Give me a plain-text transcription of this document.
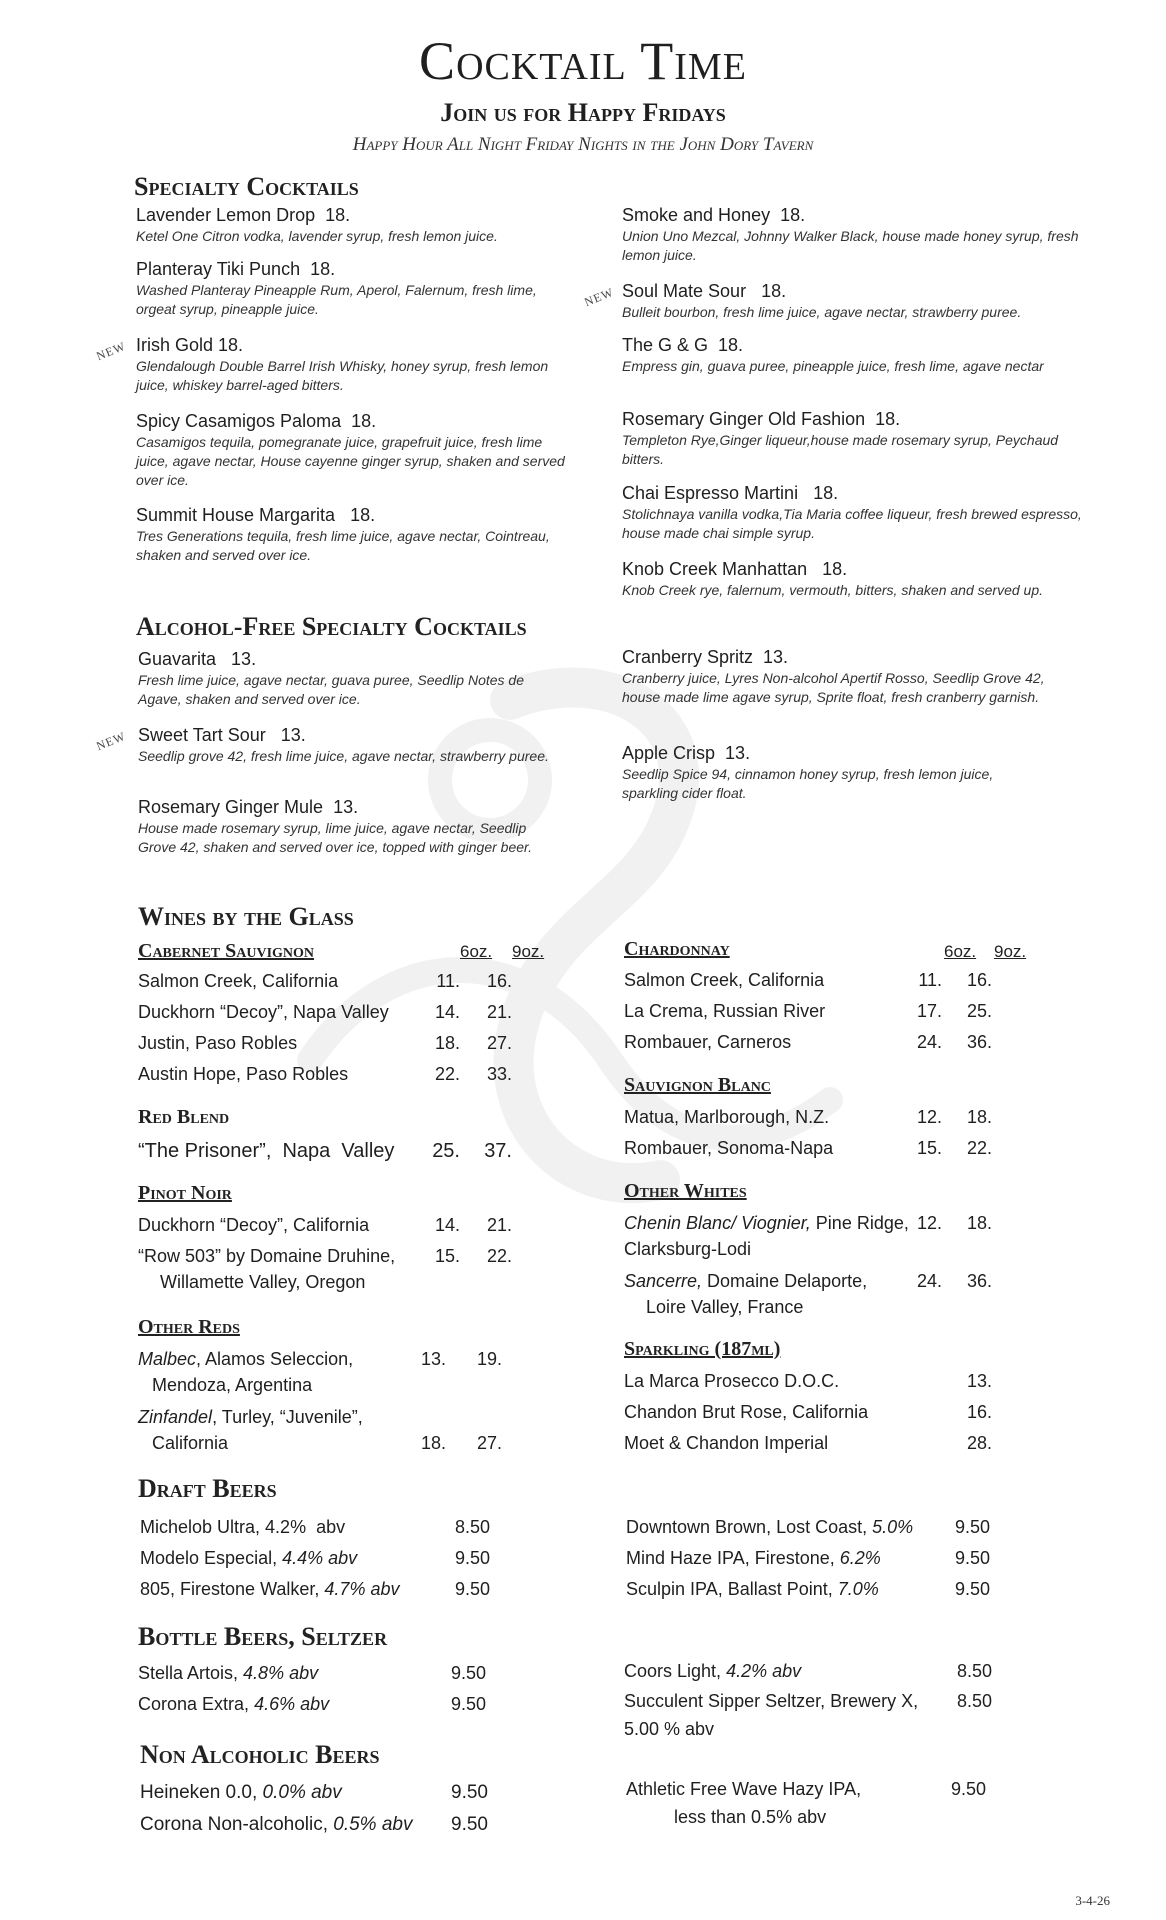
Cocktail Time
Join us for Happy Fridays
Happy Hour All Night Friday Nights in the John Dory Tavern
Specialty Cocktails
Lavender Lemon Drop  18.
Ketel One Citron vodka, lavender syrup, fresh lemon juice.
Planteray Tiki Punch  18.
Washed Planteray Pineapple Rum, Aperol, Falernum, fresh lime, orgeat syrup, pineapple juice.
NEW Irish Gold 18.
Glendalough Double Barrel Irish Whisky, honey syrup, fresh lemon juice, whiskey barrel-aged bitters.
Spicy Casamigos Paloma  18.
Casamigos tequila, pomegranate juice, grapefruit juice, fresh lime juice, agave nectar, House cayenne ginger syrup, shaken and served over ice.
Summit House Margarita   18.
Tres Generations tequila, fresh lime juice, agave nectar, Cointreau, shaken and served over ice.
Smoke and Honey  18.
Union Uno Mezcal, Johnny Walker Black, house made honey syrup, fresh lemon juice.
NEW Soul Mate Sour   18.
Bulleit bourbon, fresh lime juice, agave nectar, strawberry puree.
The G & G  18.
Empress gin, guava puree, pineapple juice, fresh lime, agave nectar
Rosemary Ginger Old Fashion  18.
Templeton Rye,Ginger liqueur,house made rosemary syrup, Peychaud bitters.
Chai Espresso Martini   18.
Stolichnaya vanilla vodka,Tia Maria coffee liqueur, fresh brewed espresso, house made chai simple syrup.
Knob Creek Manhattan   18.
Knob Creek rye, falernum, vermouth, bitters, shaken and served up.
Alcohol-Free Specialty Cocktails
Guavarita   13.
Fresh lime juice, agave nectar, guava puree, Seedlip Notes de Agave, shaken and served over ice.
NEW Sweet Tart Sour   13.
Seedlip grove 42, fresh lime juice, agave nectar, strawberry puree.
Rosemary Ginger Mule  13.
House made rosemary syrup, lime juice, agave nectar, Seedlip Grove 42, shaken and served over ice, topped with ginger beer.
Cranberry Spritz  13.
Cranberry juice, Lyres Non-alcohol Apertif Rosso, Seedlip Grove 42, house made lime agave syrup, Sprite float, fresh cranberry garnish.
Apple Crisp  13.
Seedlip Spice 94, cinnamon honey syrup, fresh lemon juice, sparkling cider float.
Wines by the Glass
Cabernet Sauvignon	6oz. 9oz.
Salmon Creek, California	11.	16.
Duckhorn “Decoy”, Napa Valley	14.	21.
Justin, Paso Robles	18.	27.
Austin Hope, Paso Robles	22.	33.
Red Blend
“The Prisoner”,  Napa  Valley	25.	37.
Pinot Noir
Duckhorn “Decoy”, California	14.	21.
“Row 503” by Domaine Druhine,
Willamette Valley, Oregon
15.	22.
Other Reds
Malbec, Alamos Seleccion,
Mendoza, Argentina
13.	19.
Zinfandel, Turley, “Juvenile”,
California	18.	27.
Chardonnay	6oz. 9oz.
Salmon Creek, California	11.	16.
La Crema, Russian River	17.	25.
Rombauer, Carneros	24.	36.
Sauvignon Blanc
Matua, Marlborough, N.Z.	12.	18.
Rombauer, Sonoma-Napa	15.	22.
Other Whites
Chenin Blanc/ Viognier, Pine Ridge,
Clarksburg-Lodi
12.	18.
Sancerre, Domaine Delaporte,
Loire Valley, France
24.	36.
Sparkling (187ml)
La Marca Prosecco D.O.C.	13.
Chandon Brut Rose, California	16.
Moet & Chandon Imperial	28.
Draft Beers
Michelob Ultra, 4.2%  abv	8.50
Modelo Especial, 4.4% abv	9.50
805, Firestone Walker, 4.7% abv	9.50
Downtown Brown, Lost Coast, 5.0%	9.50
Mind Haze IPA, Firestone, 6.2%	9.50
Sculpin IPA, Ballast Point, 7.0%	9.50
Bottle Beers, Seltzer
Stella Artois, 4.8% abv	9.50
Corona Extra, 4.6% abv	9.50
Coors Light, 4.2% abv	8.50
Succulent Sipper Seltzer, Brewery X,
5.00 % abv
8.50
Non Alcoholic Beers
Heineken 0.0, 0.0% abv	9.50
Corona Non-alcoholic, 0.5% abv	9.50
Athletic Free Wave Hazy IPA,
less than 0.5% abv
9.50
3-4-26
